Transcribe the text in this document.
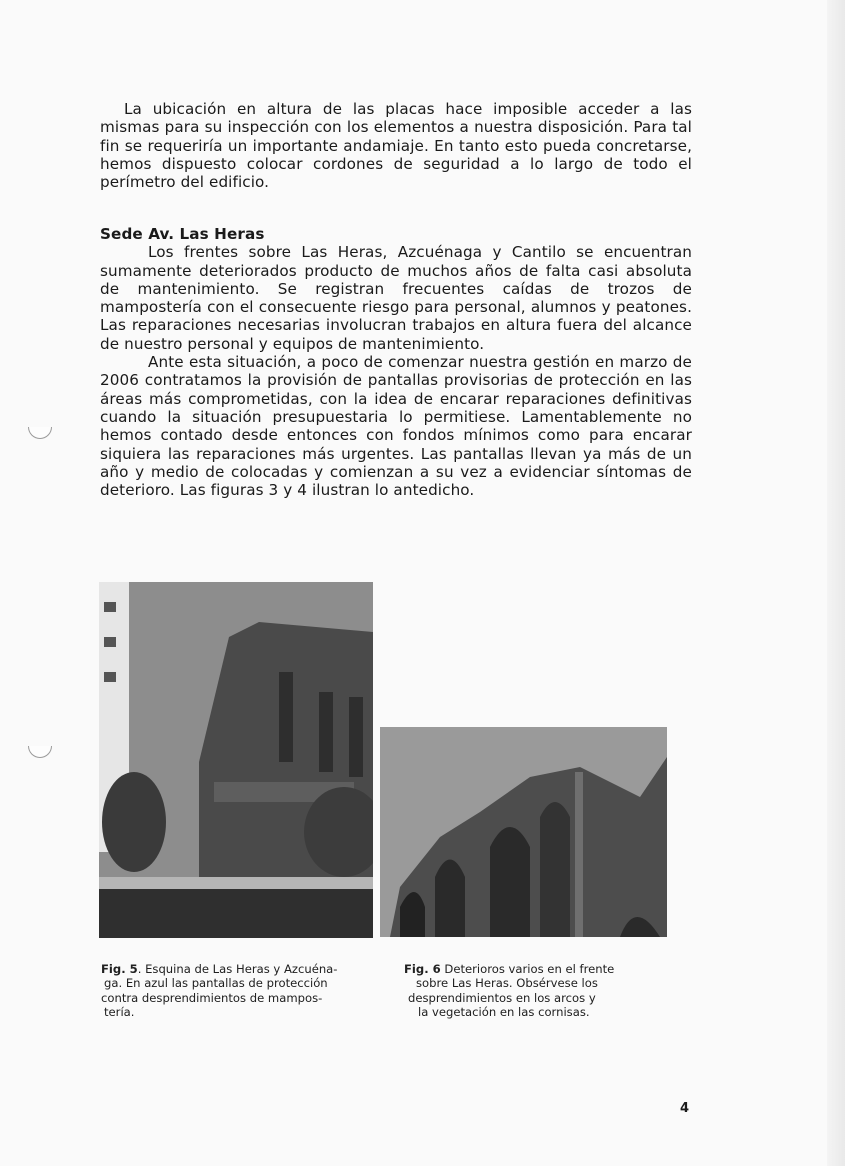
La ubicación en altura de las placas hace imposible acceder a las mismas para su inspección con los elementos a nuestra disposición. Para tal fin se requeriría un importante andamiaje. En tanto esto pueda concretarse, hemos dispuesto colocar cordones de seguridad a lo largo de todo el perímetro del edificio.

Sede Av. Las Heras

Los frentes sobre Las Heras, Azcuénaga y Cantilo se encuentran sumamente deteriorados producto de muchos años de falta casi absoluta de mantenimiento. Se registran frecuentes caídas de trozos de mampostería con el consecuente riesgo para personal, alumnos y peatones. Las reparaciones necesarias involucran trabajos en altura fuera del alcance de nuestro personal y equipos de mantenimiento.

Ante esta situación, a poco de comenzar nuestra gestión en marzo de 2006 contratamos la provisión de pantallas provisorias de protección en las áreas más comprometidas, con la idea de encarar reparaciones definitivas cuando la situación presupuestaria lo permitiese. Lamentablemente no hemos contado desde entonces con fondos mínimos como para encarar siquiera las reparaciones más urgentes. Las pantallas llevan ya más de un año y medio de colocadas y comienzan a su vez a evidenciar síntomas de deterioro. Las figuras 3 y 4 ilustran lo antedicho.

Fig. 5. Esquina de Las Heras y Azcuéna-
ga. En azul las pantallas de protección
contra desprendimientos de mampos-
tería.
Fig. 6 Deterioros varios en el frente
sobre Las Heras. Obsérvese los
desprendimientos en los arcos y
la vegetación en las cornisas.
4
